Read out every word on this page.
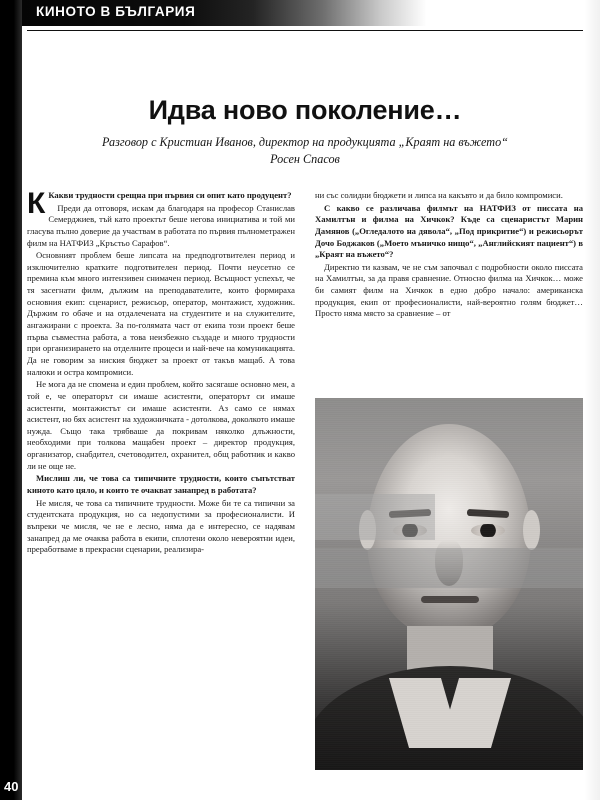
40
КИНОТО В БЪЛГАРИЯ
Идва ново поколение…
Разговор с Кристиан Иванов, директор на продукцията „Краят на въжето“
Росен Спасов

К Какви трудности срещна при първия си опит като продуцент?

Преди да отговоря, искам да благодаря на професор Станислав Семерджиев, тъй като проектът беше негова инициатива и той ми гласува пълно доверие да участвам в работата по първия пълнометражен филм на НАТФИЗ „Кръстьо Сарафов“.

Основният проблем беше липсата на предподготвителен период и изключително кратките подготвителен период. Почти неусетно се премина към много интензивен снимачен период. Всъщност успехът, че тя засегнати филм, дължим на преподавателите, които формираха основния екип: сценарист, режисьор, оператор, монтажист, художник. Държим го обаче и на отдалечената на студентите и на служителите, ангажирани с проекта. За по-голямата част от екипа този проект беше първа съвместна работа, а това неизбежно създаде и много трудности при организирането на отделните процеси и най-вече на комуникацията. Да не говорим за ниския бюджет за проект от такъв мащаб. А това налюки и остра компромиси.

Не мога да не спомена и един проблем, който засягаше основно мен, а той е, че операторът си имаше асистенти, операторът си имаше асистенти, монтажистът си имаше асистенти. Аз само се нямах асистент, но бях асистент на художничката - дотолкова, доколкото имаше нужда. Също така трябваше да покривам няколко длъжности, необходими при толкова мащабен проект – директор продукция, организатор, снабдител, счетоводител, охранител, общ работник и какво ли не още не.

Мислиш ли, че това са типичните трудности, които съпътстват киното като цяло, и които те очакват занапред в работата?

Не мисля, че това са типичните трудности. Може би те са типични за студентската продукция, но са недопустими за професионалисти. И въпреки че мисля, че не е лесно, няма да е интересно, се надявам занапред да ме очаква работа в екипи, сплотени около невероятни идеи, преработваме в прекрасни сценарии, реализира-

ни със солидни бюджети и липса на какъвто и да било компромиси.

С какво се различава филмът на НАТФИЗ от писсата на Хамилтън и филма на Хичкок? Къде са сценаристът Марин Дамянов („Огледалото на дявола“, „Под прикритие“) и режисьорът Дочо Боджаков („Моето мъничко нищо“, „Английският пациент“) в „Краят на въжето“?

Директно ти казвам, че не съм започвал с подробности около писсата на Хамилтън, за да правя сравнение. Относно филма на Хичкок… може би самият филм на Хичкок в едно добро начало: американска продукция, екип от професионалисти, най-вероятно голям бюджет… Просто няма място за сравнение – от
